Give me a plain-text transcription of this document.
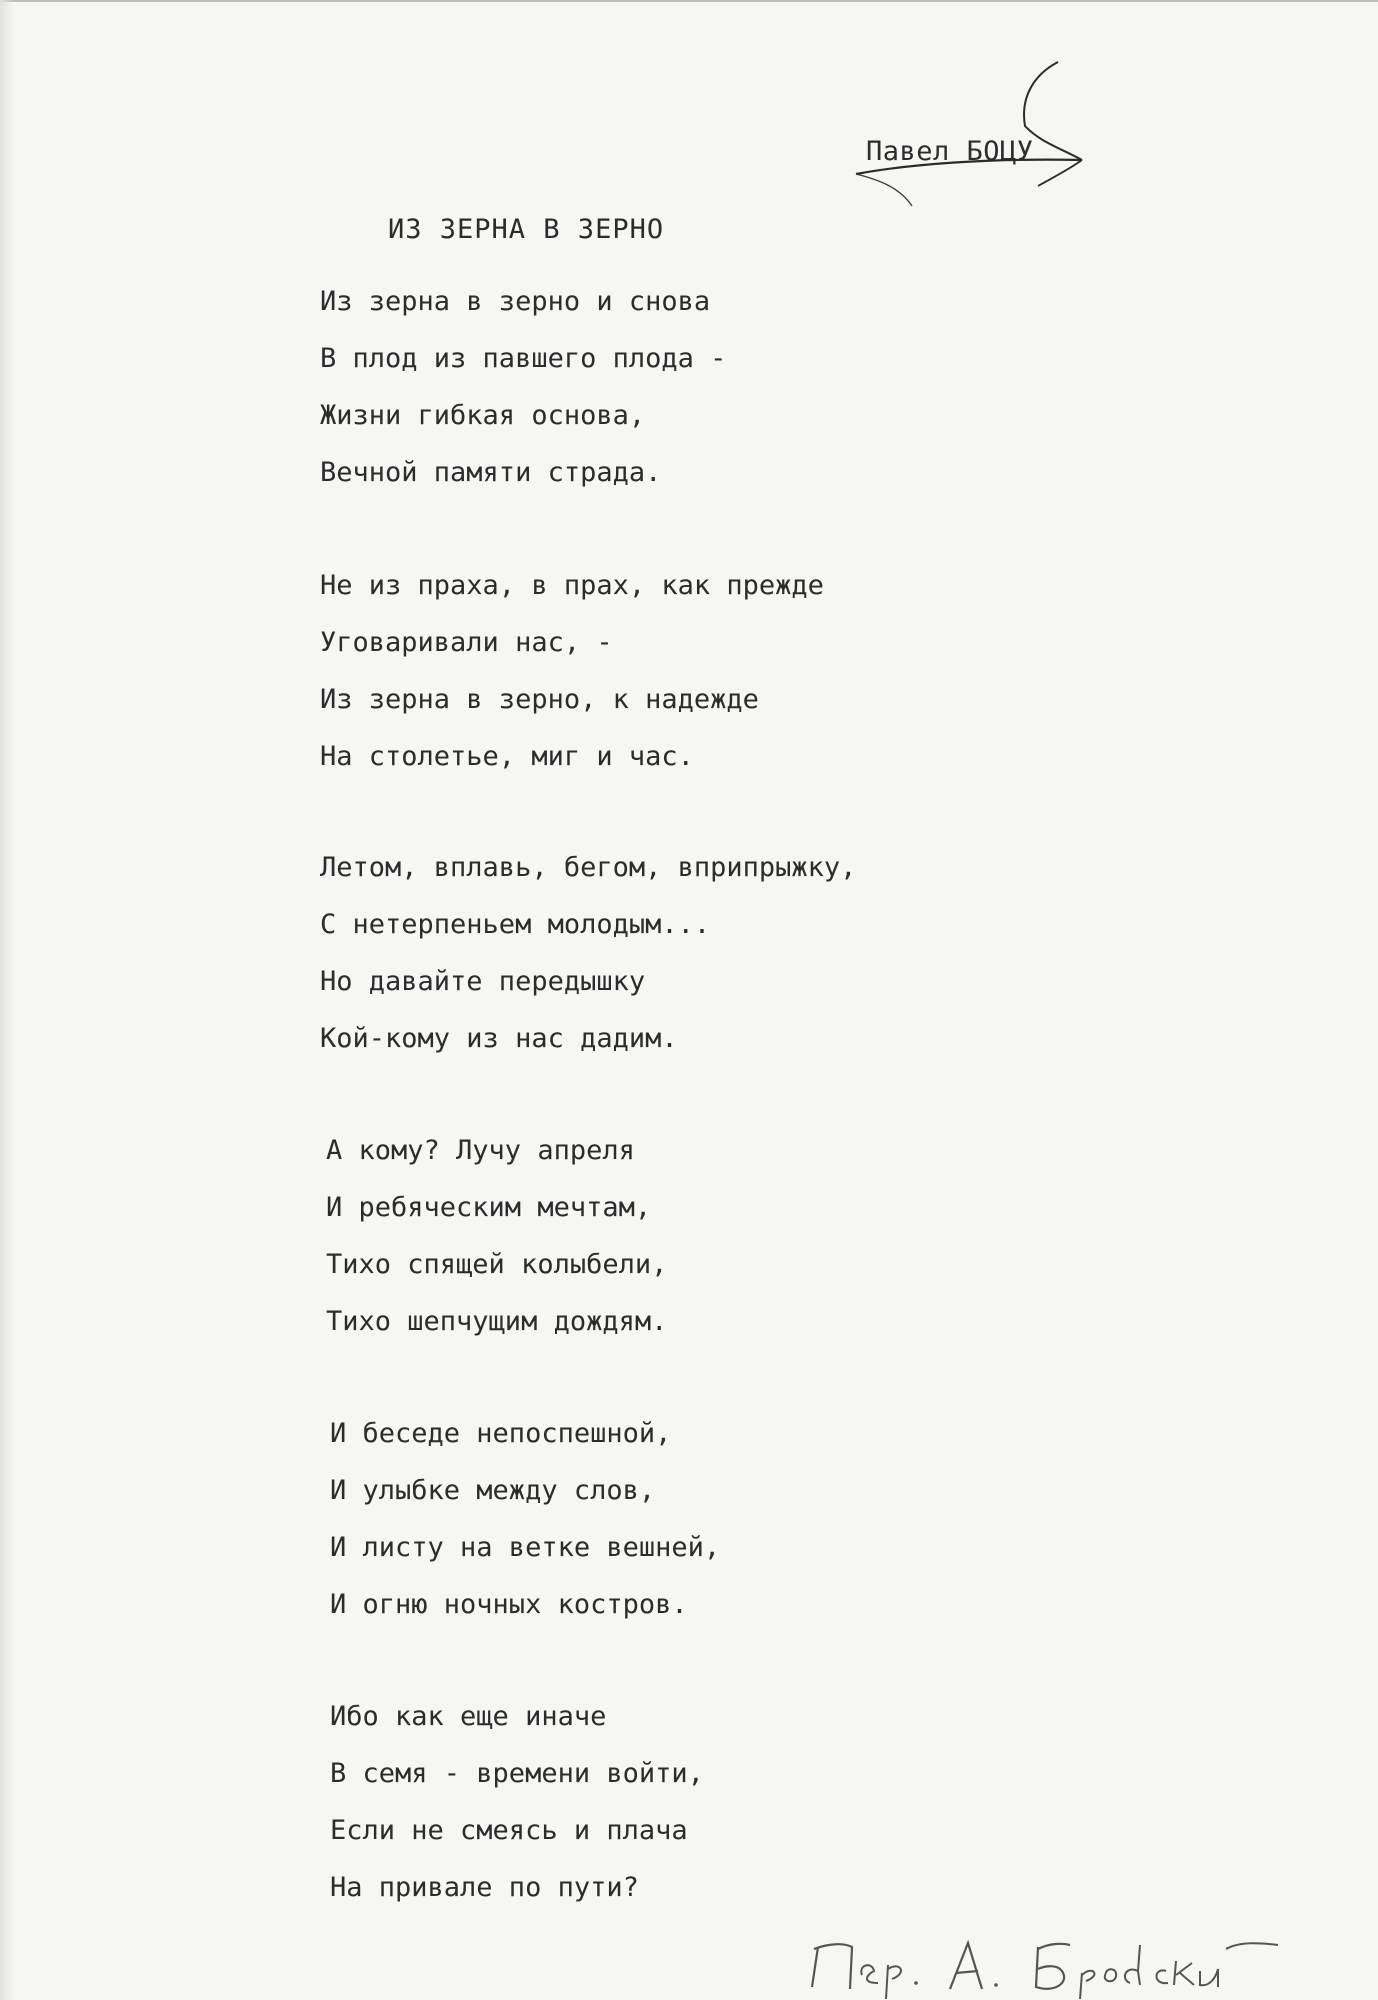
Павел БОЦУ
ИЗ ЗЕРНА В ЗЕРНО
Из зерна в зерно и снова
В плод из павшего плода -
Жизни гибкая основа,
Вечной памяти страда.
Не из праха, в прах, как прежде
Уговаривали нас, -
Из зерна в зерно, к надежде
На столетье, миг и час.
Летом, вплавь, бегом, вприпрыжку,
С нетерпеньем молодым...
Но давайте передышку
Кой-кому из нас дадим.
А кому? Лучу апреля
И ребяческим мечтам,
Тихо спящей колыбели,
Тихо шепчущим дождям.
И беседе непоспешной,
И улыбке между слов,
И листу на ветке вешней,
И огню ночных костров.
Ибо как еще иначе
В семя - времени войти,
Если не смеясь и плача
На привале по пути?
